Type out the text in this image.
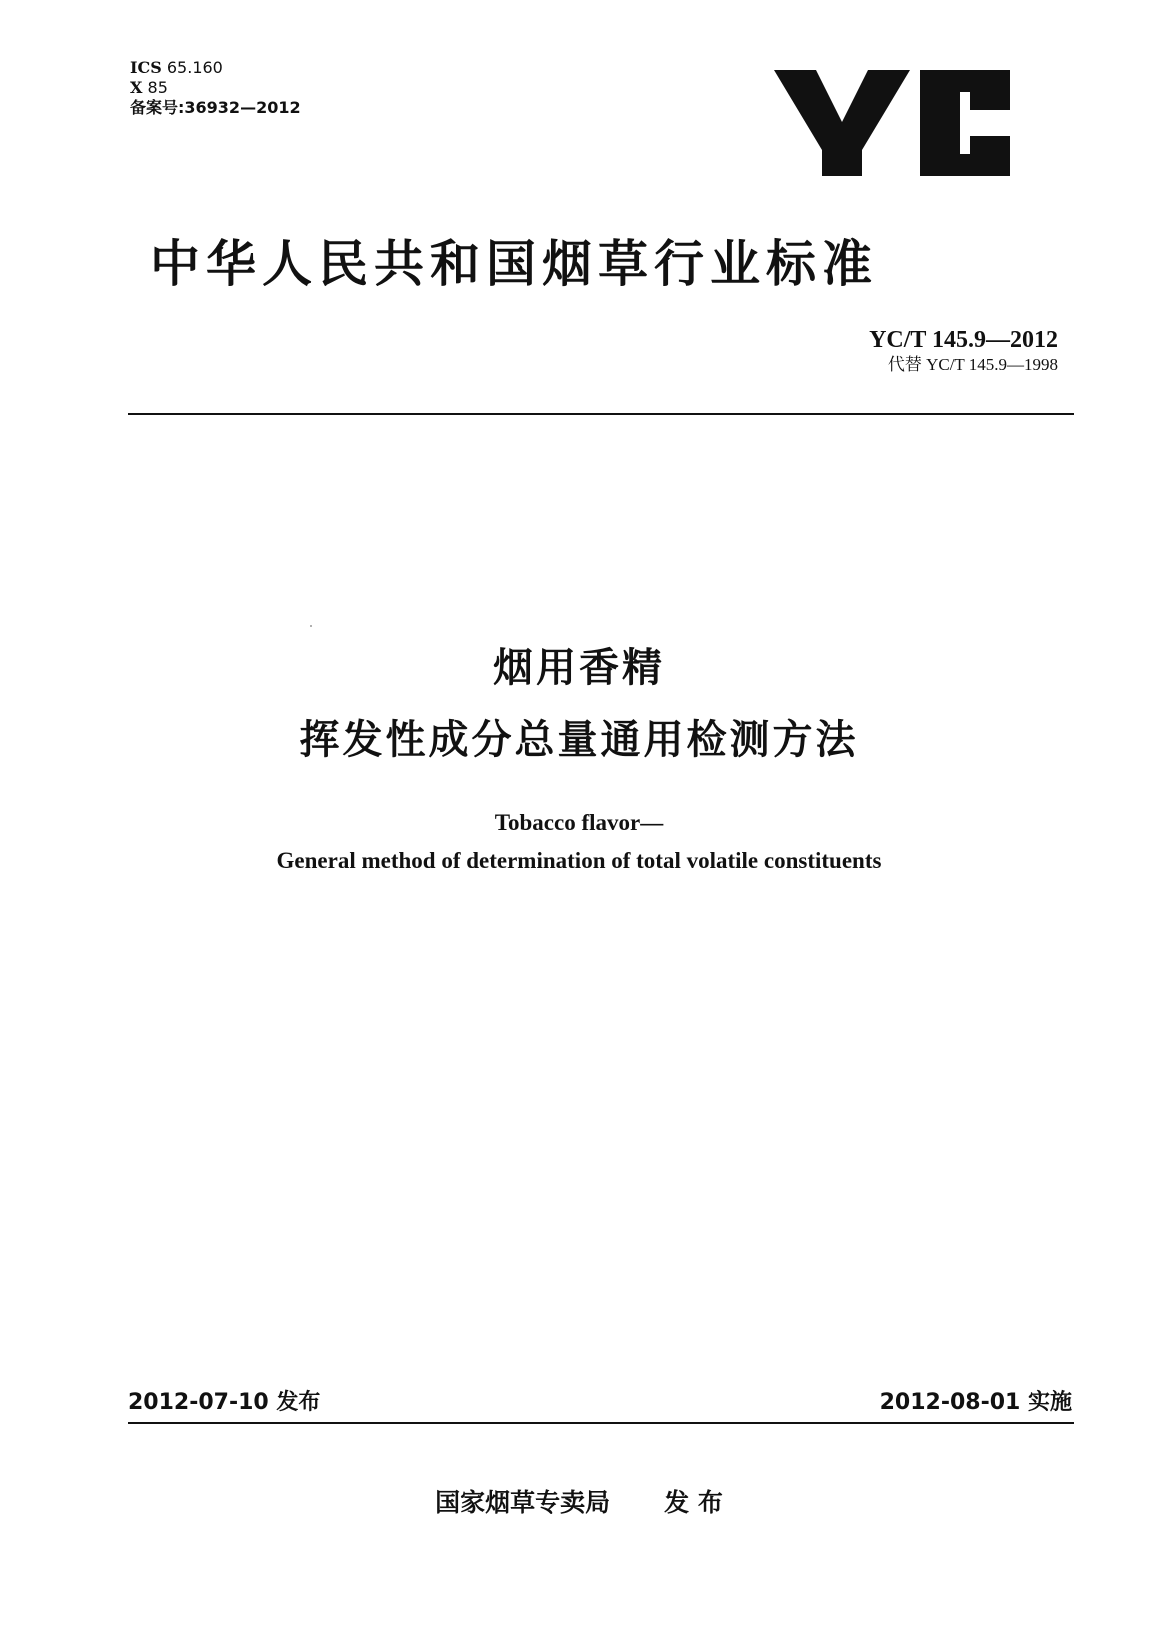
ICS 65.160
X 85
备案号:36932—2012
中华人民共和国烟草行业标准
YC/T 145.9—2012
代替 YC/T 145.9—1998
烟用香精
挥发性成分总量通用检测方法
Tobacco flavor—
General method of determination of total volatile constituents
2012-07-10 发布	2012-08-01 实施
国家烟草专卖局 发 布
